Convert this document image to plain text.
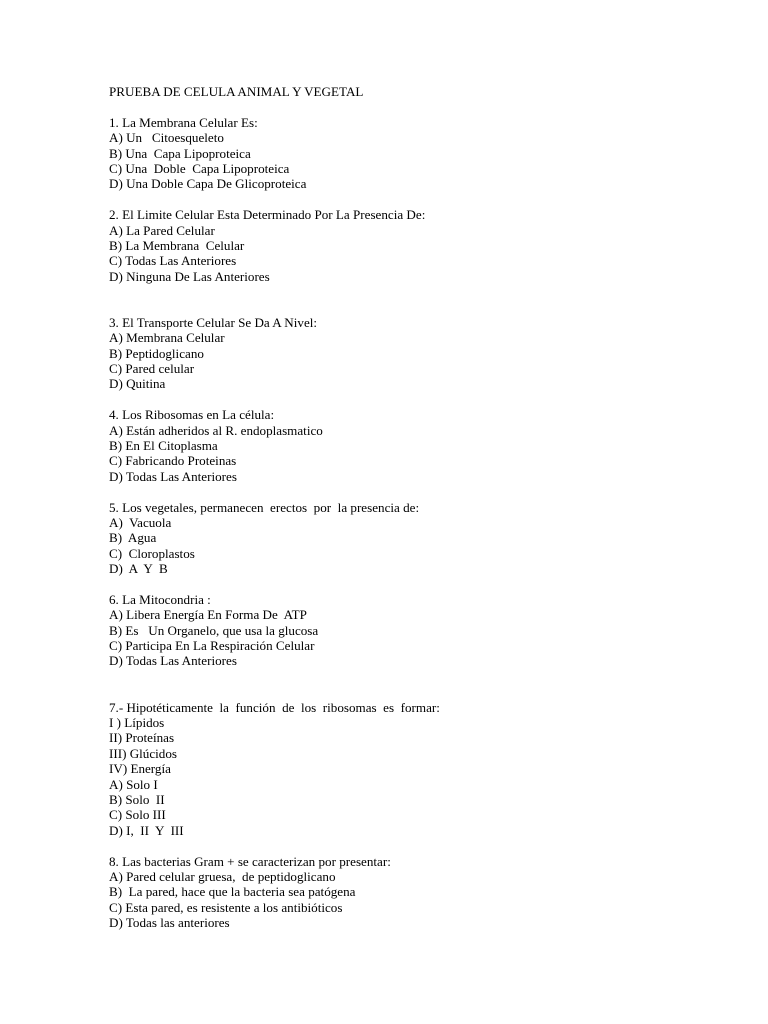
PRUEBA DE CELULA ANIMAL Y VEGETAL
1. La Membrana Celular Es:
A) Un   Citoesqueleto
B) Una  Capa Lipoproteica
C) Una  Doble  Capa Lipoproteica
D) Una Doble Capa De Glicoproteica
2. El Limite Celular Esta Determinado Por La Presencia De:
A) La Pared Celular
B) La Membrana  Celular
C) Todas Las Anteriores
D) Ninguna De Las Anteriores
3. El Transporte Celular Se Da A Nivel:
A) Membrana Celular
B) Peptidoglicano
C) Pared celular
D) Quitina
4. Los Ribosomas en La célula:
A) Están adheridos al R. endoplasmatico
B) En El Citoplasma
C) Fabricando Proteinas
D) Todas Las Anteriores
5. Los vegetales, permanecen  erectos  por  la presencia de:
A)  Vacuola
B)  Agua
C)  Cloroplastos
D)  A  Y  B
6. La Mitocondria :
A) Libera Energía En Forma De  ATP
B) Es   Un Organelo, que usa la glucosa
C) Participa En La Respiración Celular
D) Todas Las Anteriores
7.- Hipotéticamente  la  función  de  los  ribosomas  es  formar:
I ) Lípidos
II) Proteínas
III) Glúcidos
IV) Energía
A) Solo I
B) Solo  II
C) Solo III
D) I,  II  Y  III
8. Las bacterias Gram + se caracterizan por presentar:
A) Pared celular gruesa,  de peptidoglicano
B)  La pared, hace que la bacteria sea patógena
C) Esta pared, es resistente a los antibióticos
D) Todas las anteriores
